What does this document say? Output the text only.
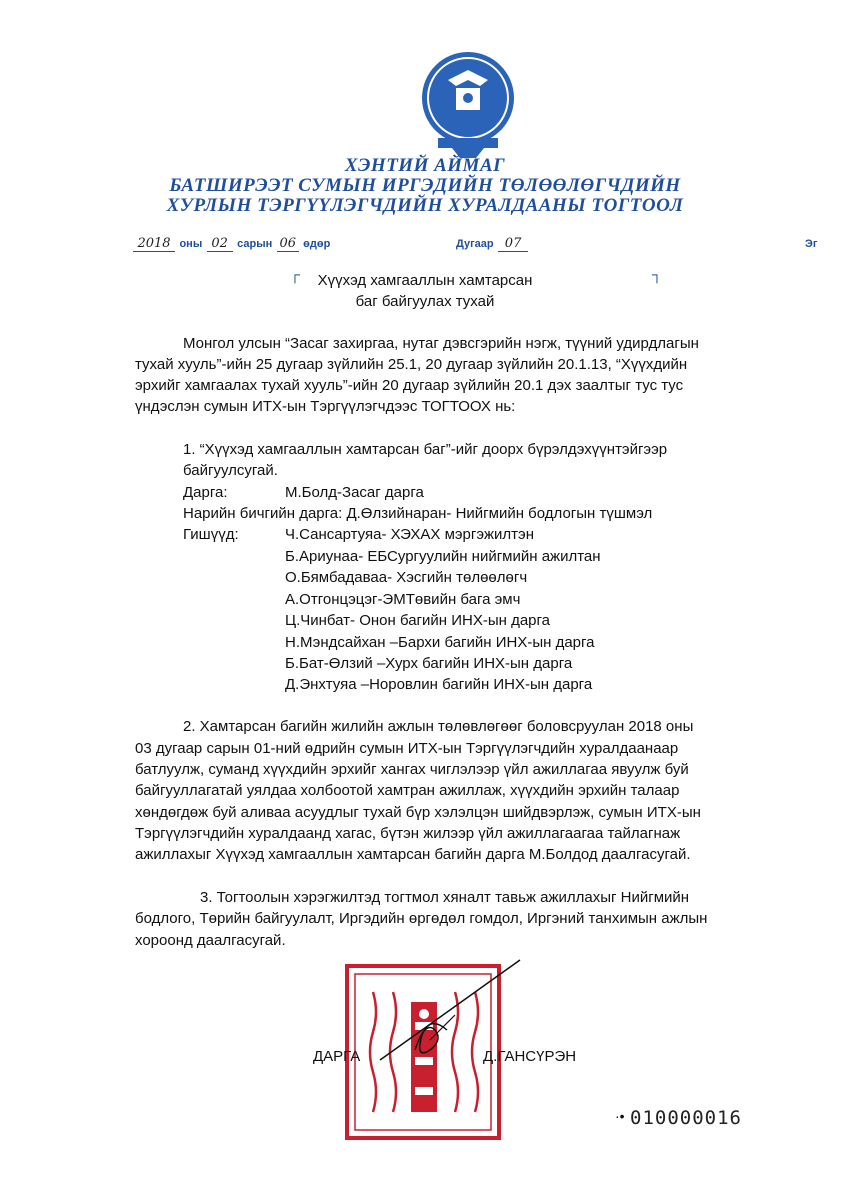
ХЭНТИЙ АЙМАГ
БАТШИРЭЭТ СУМЫН ИРГЭДИЙН ТӨЛӨӨЛӨГЧДИЙН
ХУРЛЫН ТЭРГҮҮЛЭГЧДИЙН ХУРАЛДААНЫ ТОГТООЛ
2018 оны 02 сарын 06 өдөр	Дугаар 07	Эг
┌	┐
Хүүхэд хамгааллын хамтарсан
баг байгуулах тухай
Монгол улсын “Засаг захиргаа, нутаг дэвсгэрийн нэгж, түүний удирдлагын
тухай хууль”-ийн 25 дугаар зүйлийн 25.1, 20 дугаар зүйлийн 20.1.13, “Хүүхдийн
эрхийг хамгаалах тухай хууль”-ийн 20 дугаар зүйлийн 20.1 дэх заалтыг тус тус
үндэслэн сумын ИТХ-ын Тэргүүлэгчдээс ТОГТООХ нь:
1. “Хүүхэд хамгааллын хамтарсан баг”-ийг доорх бүрэлдэхүүнтэйгээр
байгуулсугай.
Дарга:	М.Болд-Засаг дарга
Нарийн бичгийн дарга: Д.Өлзийнаран- Нийгмийн бодлогын түшмэл
Гишүүд:	Ч.Сансартуяа- ХЭХАХ мэргэжилтэн
Б.Ариунаа- ЕБСургуулийн нийгмийн ажилтан
О.Бямбадаваа- Хэсгийн төлөөлөгч
А.Отгонцэцэг-ЭМТөвийн бага эмч
Ц.Чинбат- Онон багийн ИНХ-ын дарга
Н.Мэндсайхан –Бархи багийн ИНХ-ын дарга
Б.Бат-Өлзий –Хурх багийн ИНХ-ын дарга
Д.Энхтуяа –Норовлин багийн ИНХ-ын дарга
2. Хамтарсан багийн жилийн ажлын төлөвлөгөөг боловсруулан 2018 оны
03 дугаар сарын 01-ний өдрийн сумын ИТХ-ын Тэргүүлэгчдийн хуралдаанаар
батлуулж, суманд хүүхдийн эрхийг хангах чиглэлээр үйл ажиллагаа явуулж буй
байгууллагатай уялдаа холбоотой хамтран ажиллаж, хүүхдийн эрхийн талаар
хөндөгдөж буй аливаа асуудлыг тухай бүр хэлэлцэн шийдвэрлэж, сумын ИТХ-ын
Тэргүүлэгчдийн хуралдаанд хагас, бүтэн жилээр үйл ажиллагаагаа тайлагнаж
ажиллахыг Хүүхэд хамгааллын хамтарсан багийн дарга М.Болдод даалгасугай.
3. Тогтоолын хэрэгжилтэд тогтмол хяналт тавьж ажиллахыг Нийгмийн
бодлого, Төрийн байгуулалт, Иргэдийн өргөдөл гомдол, Иргэний танхимын ажлын
хороонд даалгасугай.
ДАРГА	Д.ГАНСҮРЭН
·• 010000016
